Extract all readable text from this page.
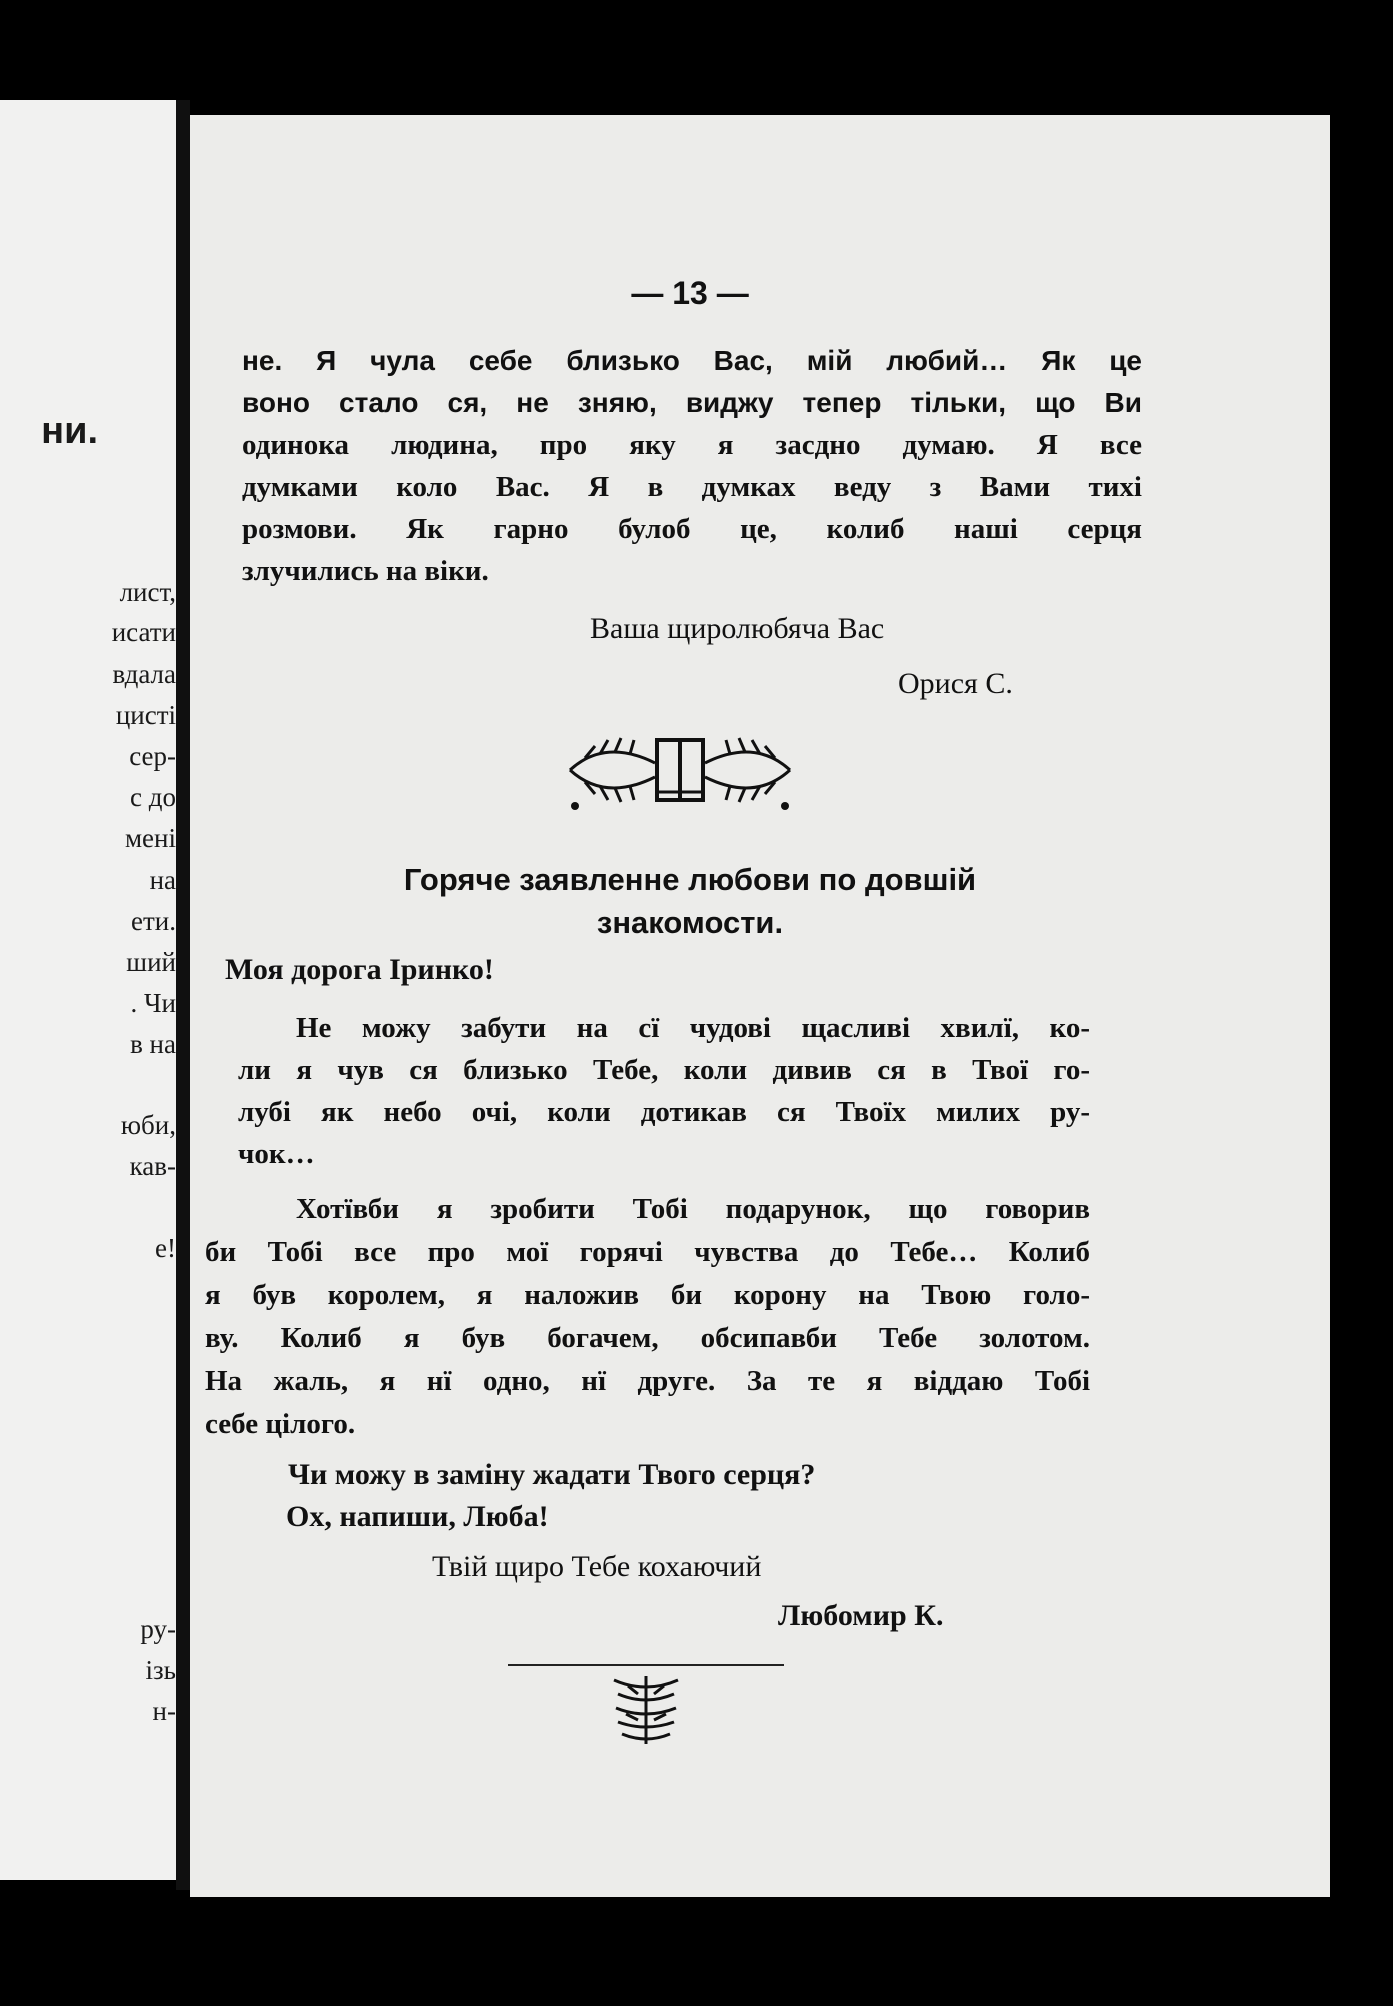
ни.
лист,
исати
вдала
цисті
сер-
с до
мені
на
ети.
ший
. Чи
в на
юби,
кав-
е!
ру-
ізь
н-
— 13 —
не. Я чула себе близько Вас, мій любий… Як це
воно стало ся, не зняю, виджу тепер тільки, що Ви
одинока людина, про яку я засдно думаю. Я все
думками коло Вас. Я в думках веду з Вами тихі
розмови. Як гарно булоб це, колиб наші серця
злучились на віки.
Ваша щиролюбяча Вас
Орися С.
Горяче заявленне любови по довшій
знакомости.
Моя дорога Іринко!
Не можу забути на сї чудові щасливі хвилї, ко-
ли я чув ся близько Тебе, коли дивив ся в Твої го-
лубі як небо очі, коли дотикав ся Твоїх милих ру-
чок…
Хотївби я зробити Тобі подарунок, що говорив
би Тобі все про мої горячі чувства до Тебе… Колиб
я був королем, я наложив би корону на Твою голо-
ву. Колиб я був богачем, обсипавби Тебе золотом.
На жаль, я нї одно, нї друге. За те я віддаю Тобі
себе цілого.
Чи можу в заміну жадати Твого серця?
Ох, напиши, Люба!
Твій щиро Тебе кохаючий
Любомир К.
